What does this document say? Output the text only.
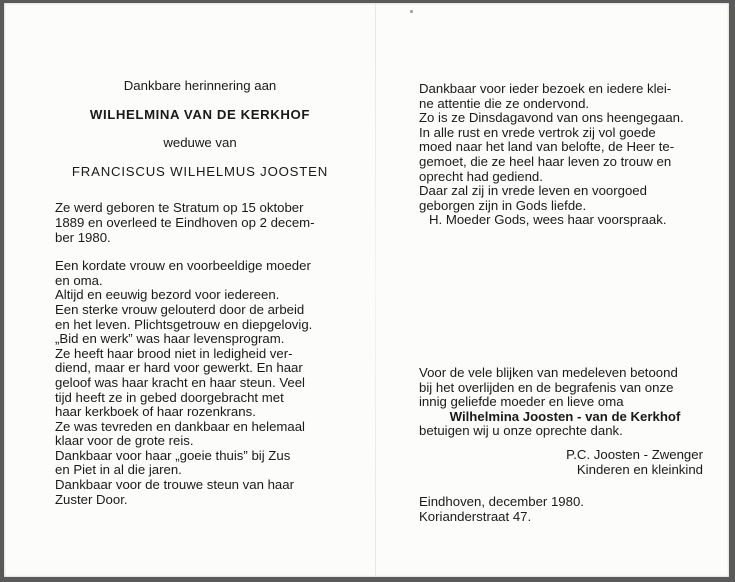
Dankbare herinnering aan

WILHELMINA VAN DE KERKHOF

weduwe van

FRANCISCUS WILHELMUS JOOSTEN

Ze werd geboren te Stratum op 15 oktober

1889 en overleed te Eindhoven op 2 decem-

ber 1980.

Een kordate vrouw en voorbeeldige moeder

en oma.

Altijd en eeuwig bezord voor iedereen.

Een sterke vrouw gelouterd door de arbeid

en het leven. Plichtsgetrouw en diepgelovig.

„Bid en werk” was haar levensprogram.

Ze heeft haar brood niet in ledigheid ver-

diend, maar er hard voor gewerkt. En haar

geloof was haar kracht en haar steun. Veel

tijd heeft ze in gebed doorgebracht met

haar kerkboek of haar rozenkrans.

Ze was tevreden en dankbaar en helemaal

klaar voor de grote reis.

Dankbaar voor haar „goeie thuis” bij Zus

en Piet in al die jaren.

Dankbaar voor de trouwe steun van haar

Zuster Door.

Dankbaar voor ieder bezoek en iedere klei-

ne attentie die ze ondervond.

Zo is ze Dinsdagavond van ons heengegaan.

In alle rust en vrede vertrok zij vol goede

moed naar het land van belofte, de Heer te-

gemoet, die ze heel haar leven zo trouw en

oprecht had gediend.

Daar zal zij in vrede leven en voorgoed

geborgen zijn in Gods liefde.

H. Moeder Gods, wees haar voorspraak.

Voor de vele blijken van medeleven betoond

bij het overlijden en de begrafenis van onze

innig geliefde moeder en lieve oma

Wilhelmina Joosten - van de Kerkhof

betuigen wij u onze oprechte dank.

P.C. Joosten - Zwenger

Kinderen en kleinkind

Eindhoven, december 1980.

Korianderstraat 47.
